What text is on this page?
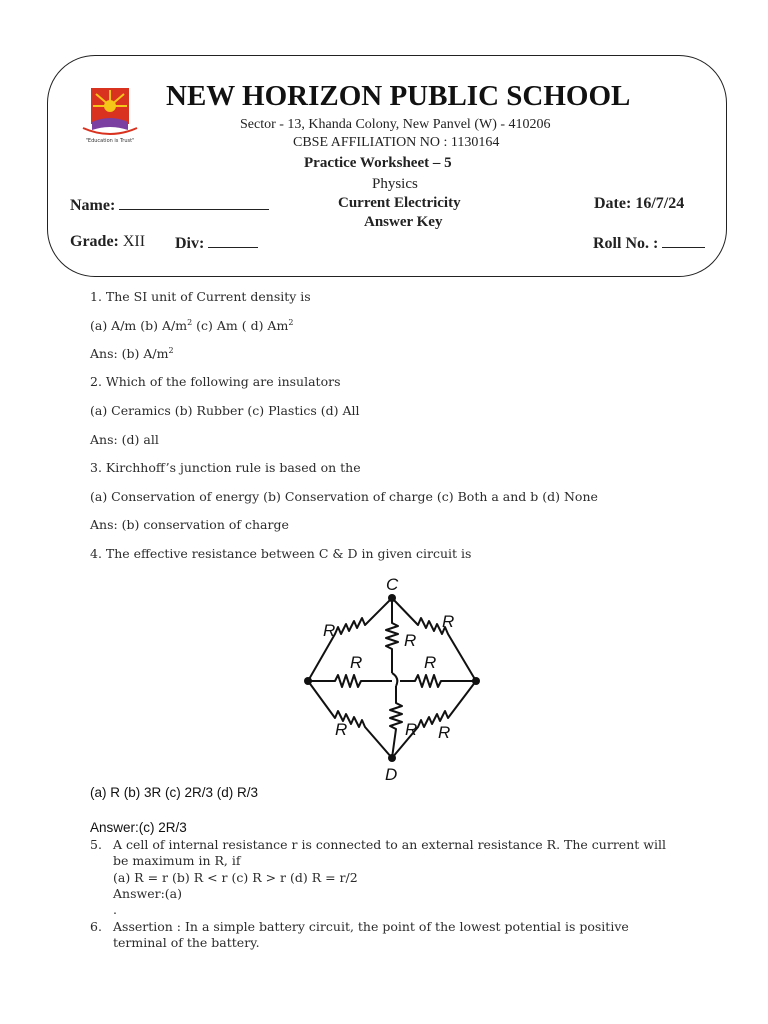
"Education is Trust"
NEW HORIZON PUBLIC SCHOOL
Sector - 13, Khanda Colony, New Panvel (W) - 410206
CBSE AFFILIATION NO : 1130164
Practice Worksheet – 5
Physics
Current Electricity
Answer Key
Name:	Date: 16/7/24
Grade: XII Div:	Roll No. :
1. The SI unit of Current density is
(a) A/m (b) $A/m^2$ (c) Am ( d) Am$^2$
Ans: (b) $A/m^2$
2. Which of the following are insulators
(a) Ceramics (b) Rubber (c) Plastics (d) All
Ans: (d) all
3. Kirchhoff’s junction rule is based on the
(a) Conservation of energy (b) Conservation of charge (c) Both a and b (d) None
Ans: (b) conservation of charge
4. The effective resistance between C & D in given circuit is
C
D
R	R
R
R	R
R	R R
(a) R (b) 3R (c) 2R/3 (d) R/3
Answer:(c) 2R/3
5. A cell of internal resistance r is connected to an external resistance R. The current will be maximum in R, if
(a) R = r (b) R < r (c) R > r (d) R = r/2
Answer:(a)
.
6. Assertion : In a simple battery circuit, the point of the lowest potential is positive terminal of the battery.
